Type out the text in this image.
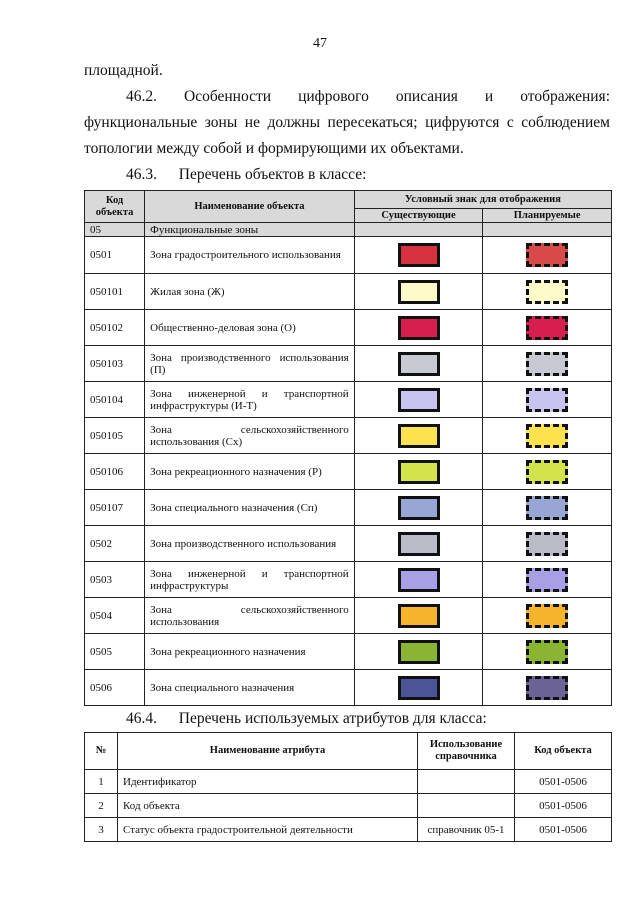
47
площадной.
46.2. Особенности цифрового описания и отображения:
функциональные зоны не должны пересекаться; цифруются с соблюдением
топологии между собой и формирующими их объектами.
46.3. Перечень объектов в классе:
Код объекта	Наименование объекта	Условный знак для отображения	
		Существующие	Планируемые
05	Функциональные зоны		
0501	Зона градостроительного использования		
050101	Жилая зона (Ж)		
050102	Общественно-деловая зона (О)		
050103	Зона производственного использования (П)		
050104	Зона инженерной и транспортной инфраструктуры (И-Т)		
050105	Зона сельскохозяйственного использования (Сх)		
050106	Зона рекреационного назначения (Р)		
050107	Зона специального назначения (Сп)		
0502	Зона производственного использования		
0503	Зона инженерной и транспортной инфраструктуры		
0504	Зона сельскохозяйственного использования		
0505	Зона рекреационного назначения		
0506	Зона специального назначения		
46.4. Перечень используемых атрибутов для класса:
№	Наименование атрибута	Использование справочника	Код объекта
1	Идентификатор		0501-0506
2	Код объекта		0501-0506
3	Статус объекта градостроительной деятельности	справочник 05-1	0501-0506
